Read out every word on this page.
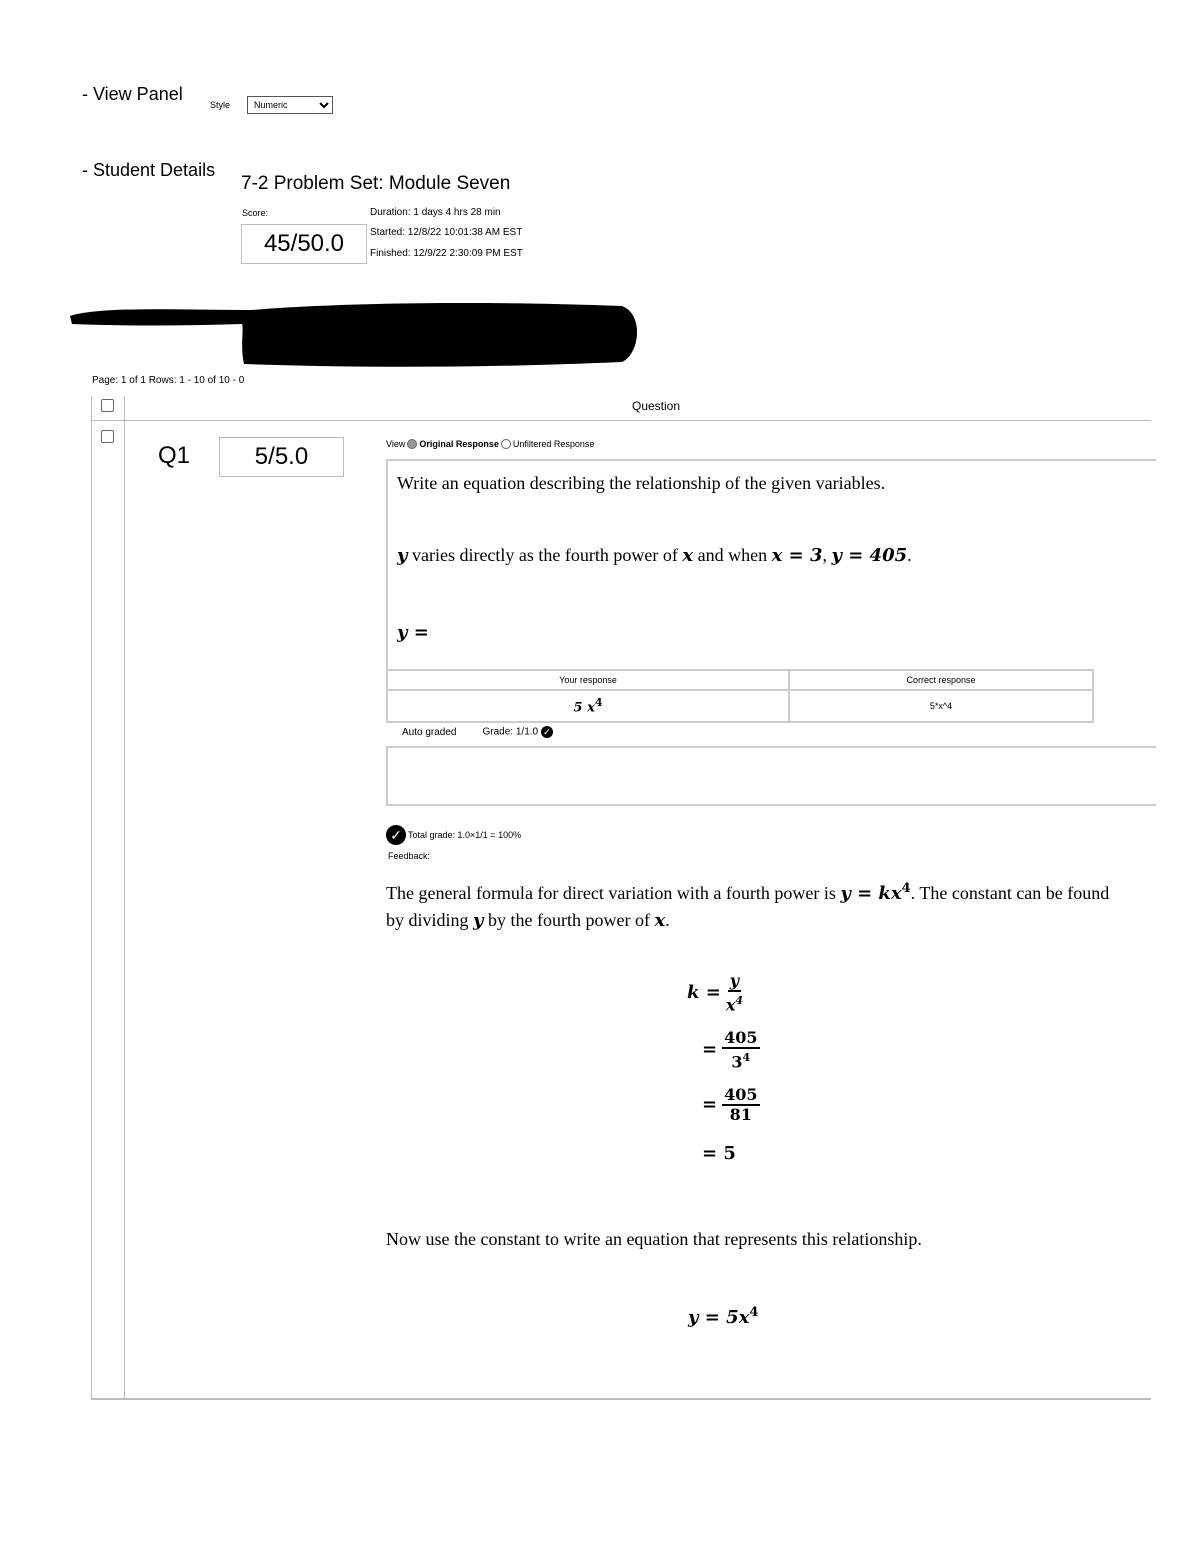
- View Panel
Style
Numeric
- Student Details
7-2 Problem Set: Module Seven
Score:
45/50.0
Duration: 1 days 4 hrs 28 min
Started: 12/8/22 10:01:38 AM EST
Finished: 12/9/22 2:30:09 PM EST
Page: 1 of 1 Rows: 1 - 10 of 10 - 0
Question
Q1	5/5.0	View Original Response Unfiltered Response
Write an equation describing the relationship of the given variables.
y varies directly as the fourth power of x and when x = 3, y = 405.
y =
Your response	Correct response
5 $x^4$	5*x^4
Auto graded	Grade: 1/1.0 ✓
✓ Total grade: 1.0×1/1 = 100%
Feedback:
The general formula for direct variation with a fourth power is $y = kx^4$. The constant can be found
by dividing y by the fourth power of x.
$k = \frac{y}{x^4}$
= $\frac{405}{3^4}$
= $\frac{405}{81}$
= 5
Now use the constant to write an equation that represents this relationship.
$y = 5x^4$
